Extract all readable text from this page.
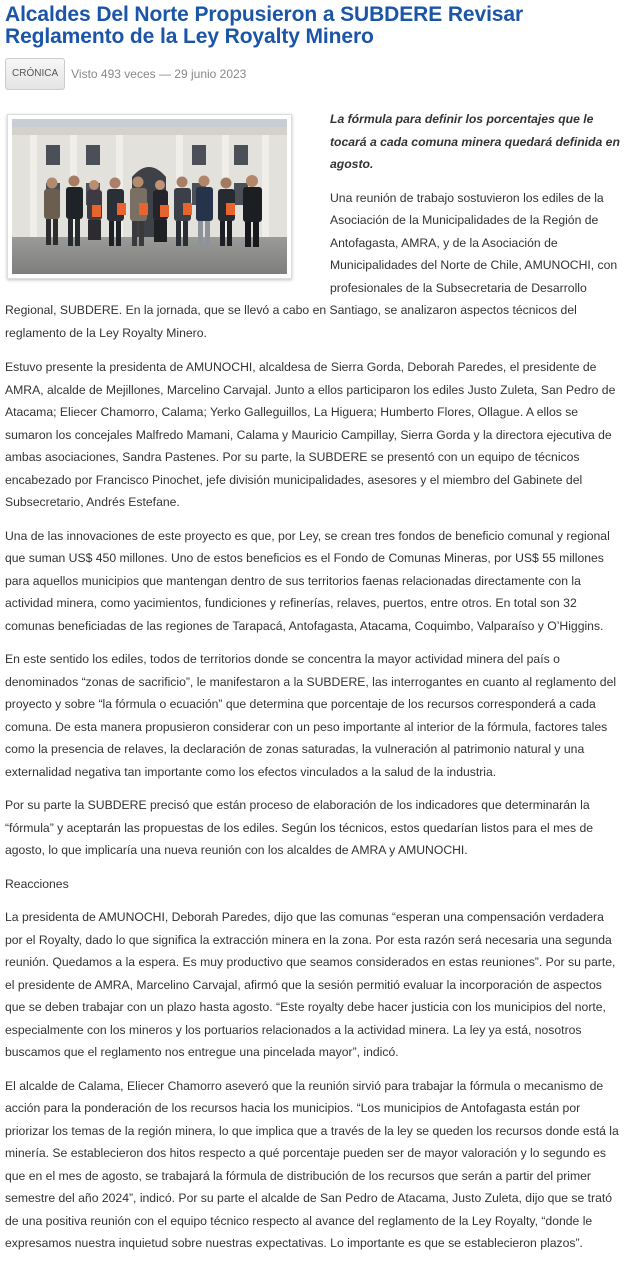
Alcaldes Del Norte Propusieron a SUBDERE Revisar Reglamento de la Ley Royalty Minero
CRÓNICA	Visto 493 veces — 29 junio 2023

La fórmula para definir los porcentajes que le tocará a cada comuna minera quedará definida en agosto.

Una reunión de trabajo sostuvieron los ediles de la Asociación de la Municipalidades de la Región de Antofagasta, AMRA, y de la Asociación de Municipalidades del Norte de Chile, AMUNOCHI, con profesionales de la Subsecretaria de Desarrollo Regional, SUBDERE. En la jornada, que se llevó a cabo en Santiago, se analizaron aspectos técnicos del reglamento de la Ley Royalty Minero.

Estuvo presente la presidenta de AMUNOCHI, alcaldesa de Sierra Gorda, Deborah Paredes, el presidente de AMRA, alcalde de Mejillones, Marcelino Carvajal. Junto a ellos participaron los ediles Justo Zuleta, San Pedro de Atacama; Eliecer Chamorro, Calama; Yerko Galleguillos, La Higuera; Humberto Flores, Ollague. A ellos se sumaron los concejales Malfredo Mamani, Calama y Mauricio Campillay, Sierra Gorda y la directora ejecutiva de ambas asociaciones, Sandra Pastenes. Por su parte, la SUBDERE se presentó con un equipo de técnicos encabezado por Francisco Pinochet, jefe división municipalidades, asesores y el miembro del Gabinete del Subsecretario, Andrés Estefane.

Una de las innovaciones de este proyecto es que, por Ley, se crean tres fondos de beneficio comunal y regional que suman US$ 450 millones. Uno de estos beneficios es el Fondo de Comunas Mineras, por US$ 55 millones para aquellos municipios que mantengan dentro de sus territorios faenas relacionadas directamente con la actividad minera, como yacimientos, fundiciones y refinerías, relaves, puertos, entre otros. En total son 32 comunas beneficiadas de las regiones de Tarapacá, Antofagasta, Atacama, Coquimbo, Valparaíso y O’Higgins.

En este sentido los ediles, todos de territorios donde se concentra la mayor actividad minera del país o denominados “zonas de sacrificio”, le manifestaron a la SUBDERE, las interrogantes en cuanto al reglamento del proyecto y sobre “la fórmula o ecuación” que determina que porcentaje de los recursos corresponderá a cada comuna. De esta manera propusieron considerar con un peso importante al interior de la fórmula, factores tales como la presencia de relaves, la declaración de zonas saturadas, la vulneración al patrimonio natural y una externalidad negativa tan importante como los efectos vinculados a la salud de la industria.

Por su parte la SUBDERE precisó que están proceso de elaboración de los indicadores que determinarán la “fórmula” y aceptarán las propuestas de los ediles. Según los técnicos, estos quedarían listos para el mes de agosto, lo que implicaría una nueva reunión con los alcaldes de AMRA y AMUNOCHI.

Reacciones

La presidenta de AMUNOCHI, Deborah Paredes, dijo que las comunas “esperan una compensación verdadera por el Royalty, dado lo que significa la extracción minera en la zona. Por esta razón será necesaria una segunda reunión. Quedamos a la espera. Es muy productivo que seamos considerados en estas reuniones”. Por su parte, el presidente de AMRA, Marcelino Carvajal, afirmó que la sesión permitió evaluar la incorporación de aspectos que se deben trabajar con un plazo hasta agosto. “Este royalty debe hacer justicia con los municipios del norte, especialmente con los mineros y los portuarios relacionados a la actividad minera. La ley ya está, nosotros buscamos que el reglamento nos entregue una pincelada mayor”, indicó.

El alcalde de Calama, Eliecer Chamorro aseveró que la reunión sirvió para trabajar la fórmula o mecanismo de acción para la ponderación de los recursos hacia los municipios. “Los municipios de Antofagasta están por priorizar los temas de la región minera, lo que implica que a través de la ley se queden los recursos donde está la minería. Se establecieron dos hitos respecto a qué porcentaje pueden ser de mayor valoración y lo segundo es que en el mes de agosto, se trabajará la fórmula de distribución de los recursos que serán a partir del primer semestre del año 2024”, indicó. Por su parte el alcalde de San Pedro de Atacama, Justo Zuleta, dijo que se trató de una positiva reunión con el equipo técnico respecto al avance del reglamento de la Ley Royalty, “donde le expresamos nuestra inquietud sobre nuestras expectativas. Lo importante es que se establecieron plazos”.
